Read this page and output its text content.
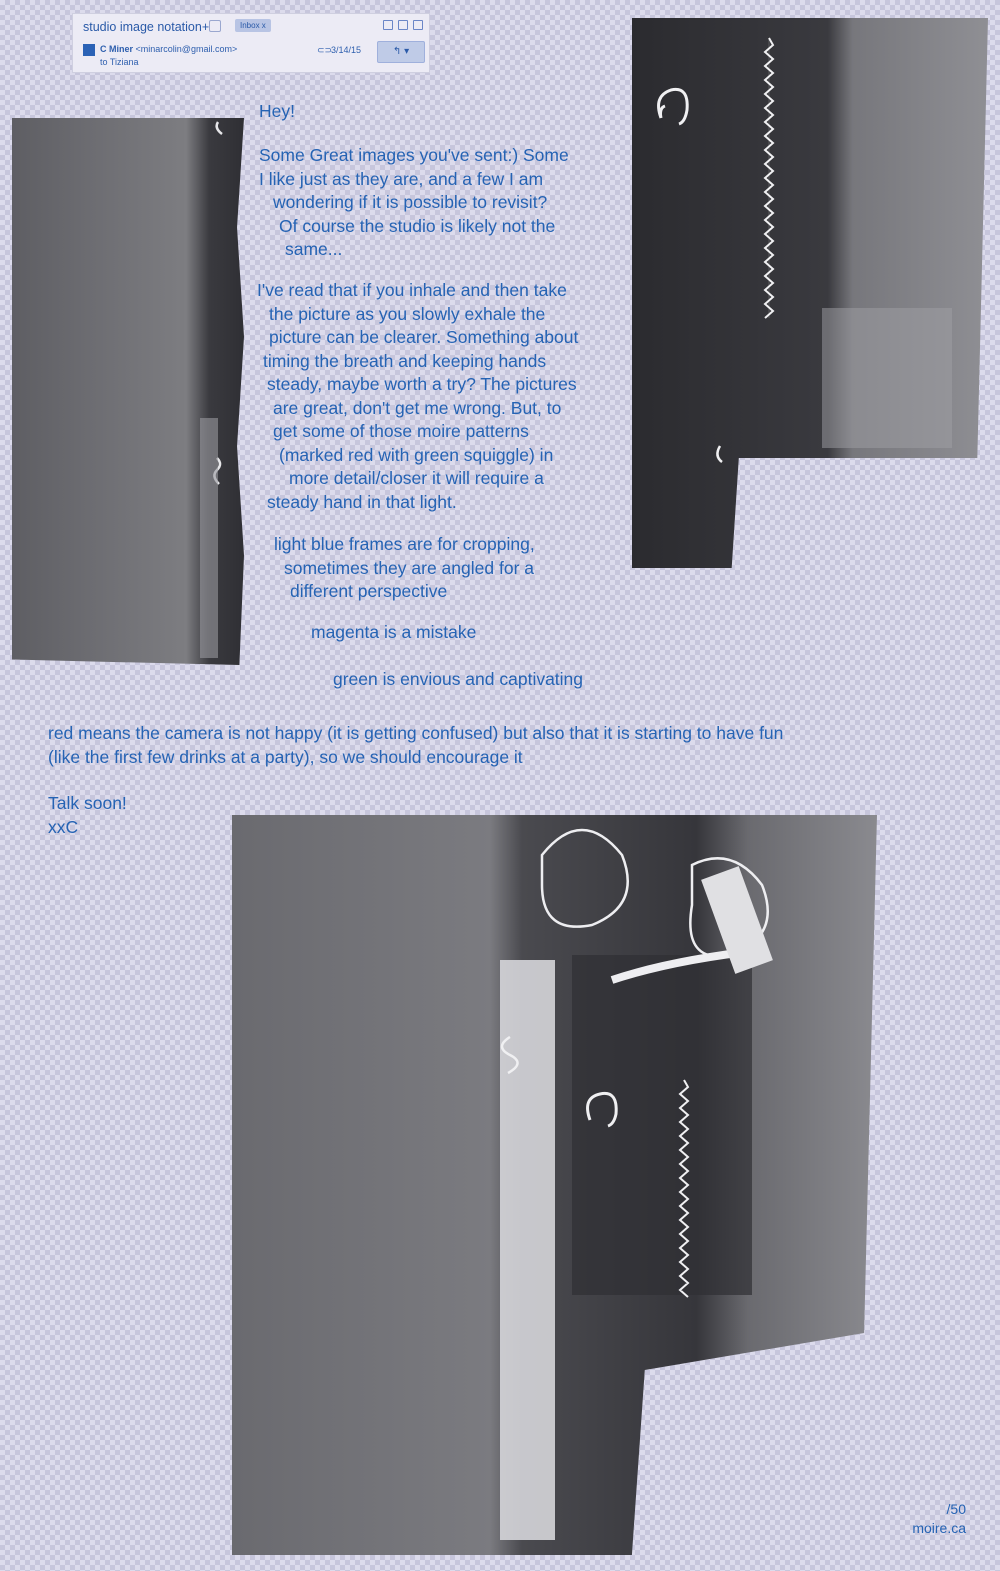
studio image notation+	Inbox x
C Miner <minarcolin@gmail.com>
to Tiziana
⊂⊃
3/14/15	↰ ▾

Hey!

Some Great images you've sent:) Some
I like just as they are, and a few I am
wondering if it is possible to revisit?
Of course the studio is likely not the
same...

I've read that if you inhale and then take
the picture as you slowly exhale the
picture can be clearer. Something about
timing the breath and keeping hands
steady, maybe worth a try? The pictures
are great, don't get me wrong. But, to
get some of those moire patterns
(marked red with green squiggle) in
more detail/closer it will require a
steady hand in that light.

light blue frames are for cropping,
sometimes they are angled for a
different perspective

magenta is a mistake

green is envious and captivating

red means the camera is not happy (it is getting confused) but also that it is starting to have fun
(like the first few drinks at a party), so we should encourage it

Talk soon!

xxC

/50
moire.ca
